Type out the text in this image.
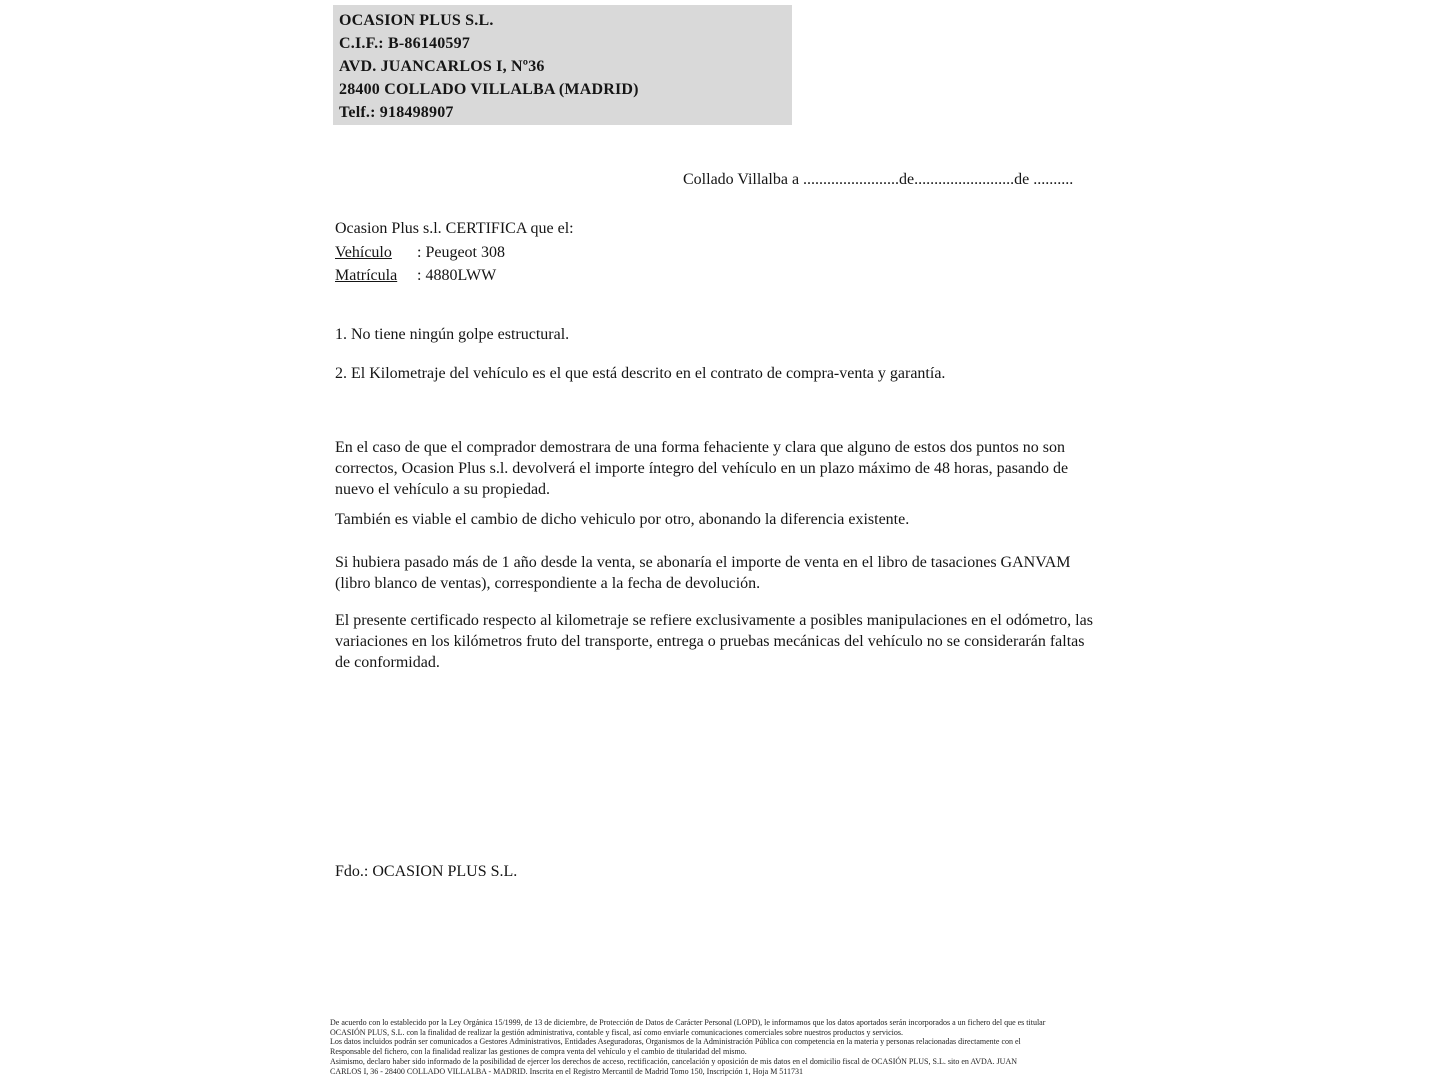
OCASION PLUS S.L.
C.I.F.: B-86140597
AVD. JUANCARLOS I, Nº36
28400 COLLADO VILLALBA (MADRID)
Telf.: 918498907
Collado Villalba a ........................de.........................de ..........
Ocasion Plus s.l. CERTIFICA que el:
Vehículo : Peugeot 308
Matrícula : 4880LWW
1. No tiene ningún golpe estructural.
2. El Kilometraje del vehículo es el que está descrito en el contrato de compra-venta y garantía.
En el caso de que el comprador demostrara de una forma fehaciente y clara que alguno de estos dos puntos no son correctos, Ocasion Plus s.l. devolverá el importe íntegro del vehículo en un plazo máximo de 48 horas, pasando de nuevo el vehículo a su propiedad.
También es viable el cambio de dicho vehiculo por otro, abonando la diferencia existente.
Si hubiera pasado más de 1 año desde la venta, se abonaría el importe de venta en el libro de tasaciones GANVAM (libro blanco de ventas), correspondiente a la fecha de devolución.
El presente certificado respecto al kilometraje se refiere exclusivamente a posibles manipulaciones en el odómetro, las variaciones en los kilómetros fruto del transporte, entrega o pruebas mecánicas del vehículo no se considerarán faltas de conformidad.
Fdo.: OCASION PLUS S.L.
De acuerdo con lo establecido por la Ley Orgánica 15/1999, de 13 de diciembre, de Protección de Datos de Carácter Personal (LOPD), le informamos que los datos aportados serán incorporados a un fichero del que es titular
OCASIÓN PLUS, S.L. con la finalidad de realizar la gestión administrativa, contable y fiscal, así como enviarle comunicaciones comerciales sobre nuestros productos y servicios.
Los datos incluidos podrán ser comunicados a Gestores Administrativos, Entidades Aseguradoras, Organismos de la Administración Pública con competencia en la materia y personas relacionadas directamente con el
Responsable del fichero, con la finalidad realizar las gestiones de compra venta del vehículo y el cambio de titularidad del mismo.
Asimismo, declaro haber sido informado de la posibilidad de ejercer los derechos de acceso, rectificación, cancelación y oposición de mis datos en el domicilio fiscal de OCASIÓN PLUS, S.L. sito en AVDA. JUAN
CARLOS I, 36 - 28400 COLLADO VILLALBA - MADRID. Inscrita en el Registro Mercantil de Madrid Tomo 150, Inscripción 1, Hoja M 511731
